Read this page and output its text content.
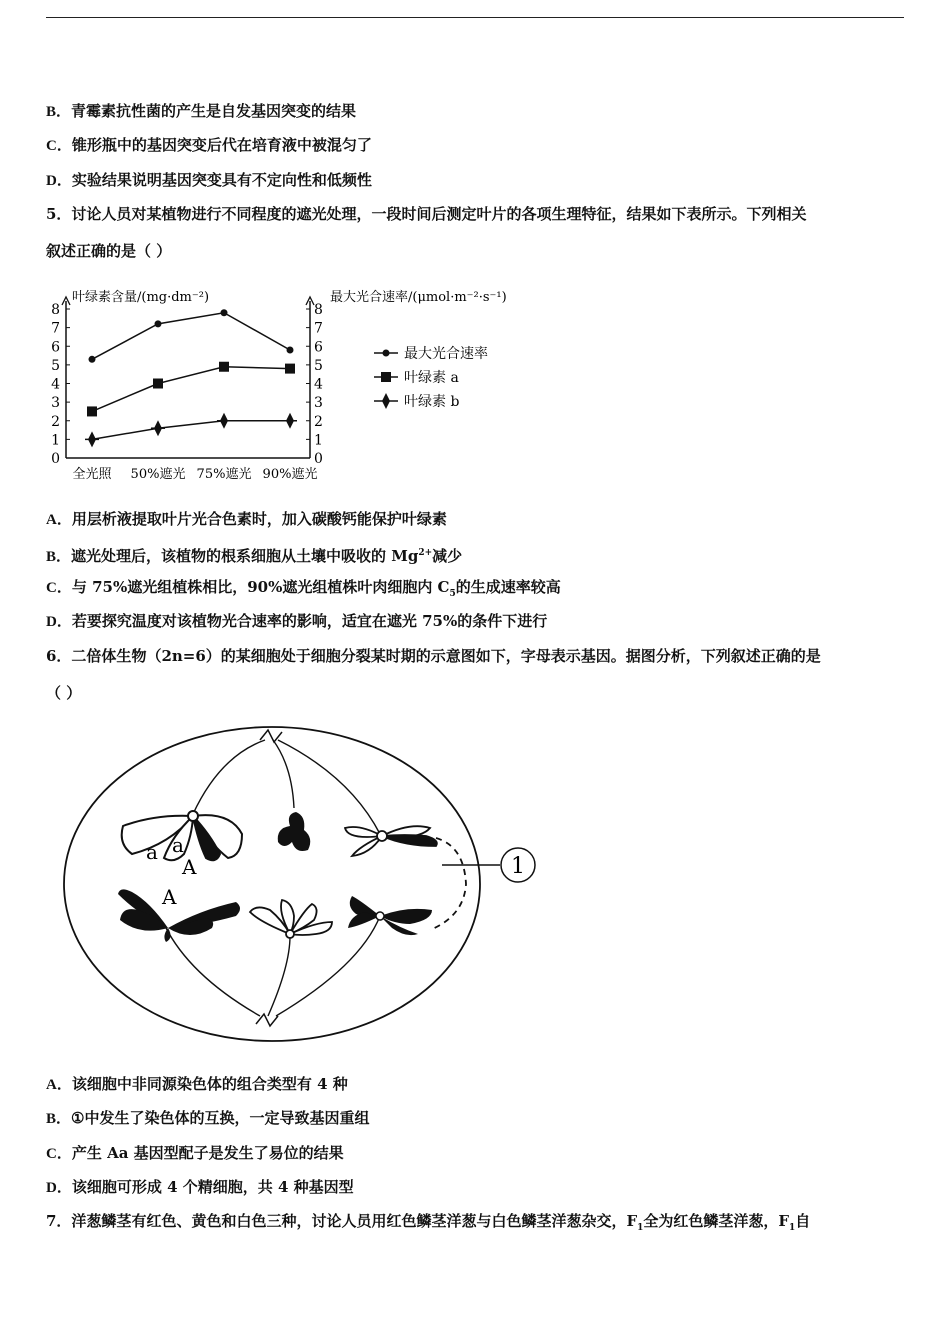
B．青霉素抗性菌的产生是自发基因突变的结果
C．锥形瓶中的基因突变后代在培育液中被混匀了
D．实验结果说明基因突变具有不定向性和低频性
5．讨论人员对某植物进行不同程度的遮光处理，一段时间后测定叶片的各项生理特征，结果如下表所示。下列相关
叙述正确的是（ ）
0	0
1	1
2	2
3	3
4	4
5	5
6	6
7	7
8	8
叶绿素含量/(mg·dm⁻²)	最大光合速率/(μmol·m⁻²·s⁻¹)
全光照 50%遮光 75%遮光 90%遮光
最大光合速率
叶绿素 a
叶绿素 b
A．用层析液提取叶片光合色素时，加入碳酸钙能保护叶绿素
B．遮光处理后，该植物的根系细胞从土壤中吸收的 $Mg^{2+}$减少
C．与 75%遮光组植株相比，90%遮光组植株叶肉细胞内 $C_5$的生成速率较高
D．若要探究温度对该植物光合速率的影响，适宜在遮光 75%的条件下进行
6．二倍体生物（2n=6）的某细胞处于细胞分裂某时期的示意图如下，字母表示基因。据图分析，下列叙述正确的是
（ ）
a a
A
A
1
A．该细胞中非同源染色体的组合类型有 4 种
B．①中发生了染色体的互换，一定导致基因重组
C．产生 Aa 基因型配子是发生了易位的结果
D．该细胞可形成 4 个精细胞，共 4 种基因型
7．洋葱鳞茎有红色、黄色和白色三种，讨论人员用红色鳞茎洋葱与白色鳞茎洋葱杂交，$F_1$全为红色鳞茎洋葱，$F_1$自
